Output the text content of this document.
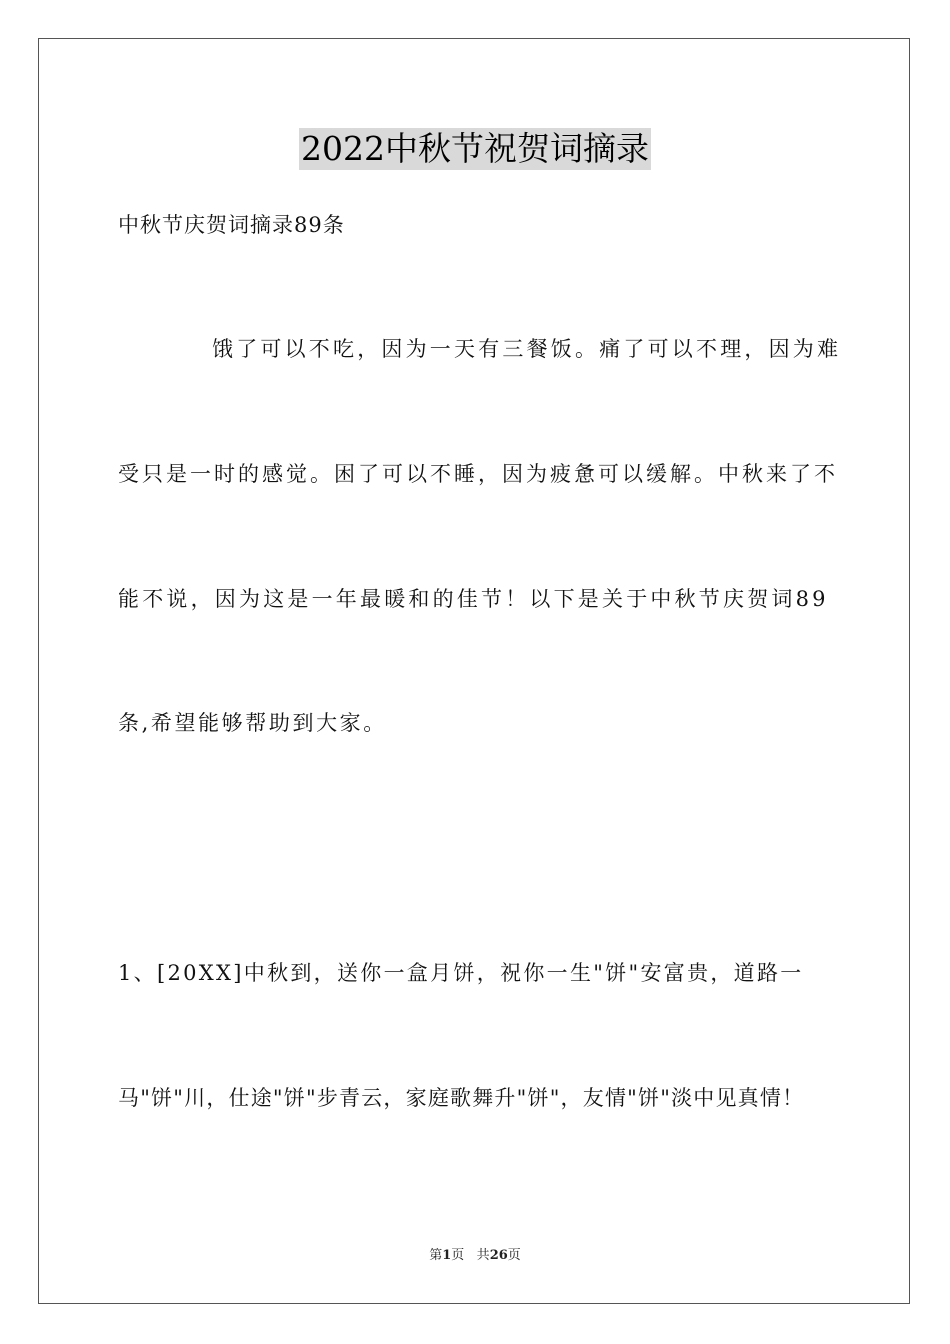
2022中秋节祝贺词摘录
中秋节庆贺词摘录89条
饿了可以不吃，因为一天有三餐饭。痛了可以不理，因为难
受只是一时的感觉。困了可以不睡，因为疲惫可以缓解。中秋来了不
能不说，因为这是一年最暖和的佳节！以下是关于中秋节庆贺词89
条,希望能够帮助到大家。
1、[20XX]中秋到，送你一盒月饼，祝你一生"饼"安富贵，道路一
马"饼"川，仕途"饼"步青云，家庭歌舞升"饼"，友情"饼"淡中见真情！
第1页 共26页
